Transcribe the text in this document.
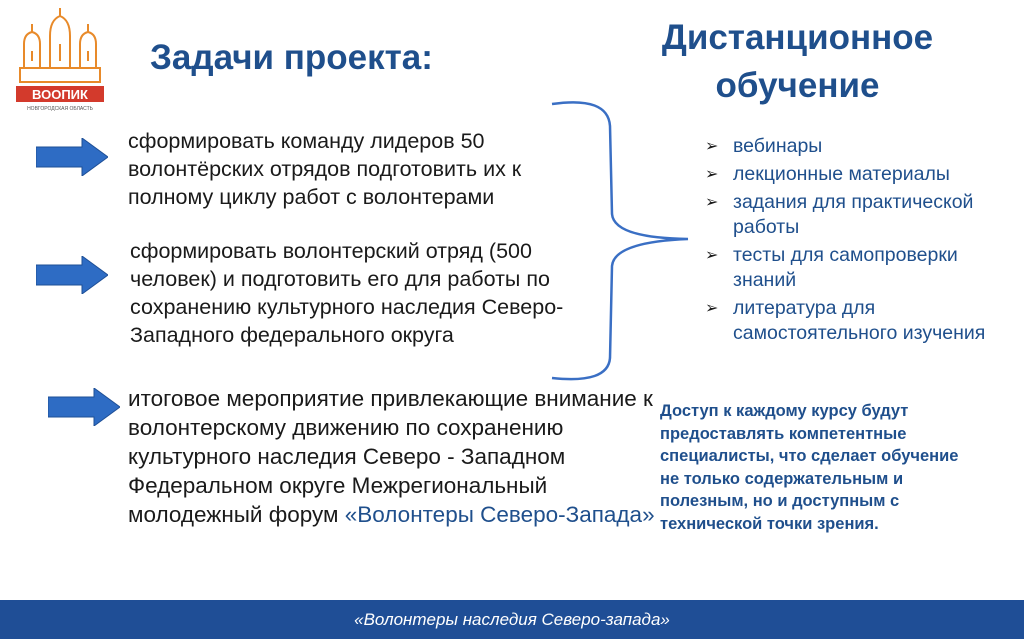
ВООПИК
НОВГОРОДСКАЯ ОБЛАСТЬ
Задачи проекта:
Дистанционное обучение
сформировать команду лидеров 50 волонтёрских отрядов подготовить их к полному циклу работ с волонтерами
сформировать волонтерский отряд (500 человек) и подготовить его для работы по сохранению культурного наследия Северо- Западного федерального округа
итоговое мероприятие привлекающие внимание к волонтерскому движению по сохранению культурного наследия Северо - Западном Федеральном округе Межрегиональный молодежный форум «Волонтеры Северо-Запада»
➢ вебинары
➢ лекционные материалы
➢ задания для практической работы
➢ тесты для самопроверки знаний
➢ литература для самостоятельного изучения
Доступ к каждому курсу будут предоставлять компетентные специалисты, что сделает обучение не только содержательным и полезным, но и доступным с технической точки зрения.
«Волонтеры наследия Северо-запада»
